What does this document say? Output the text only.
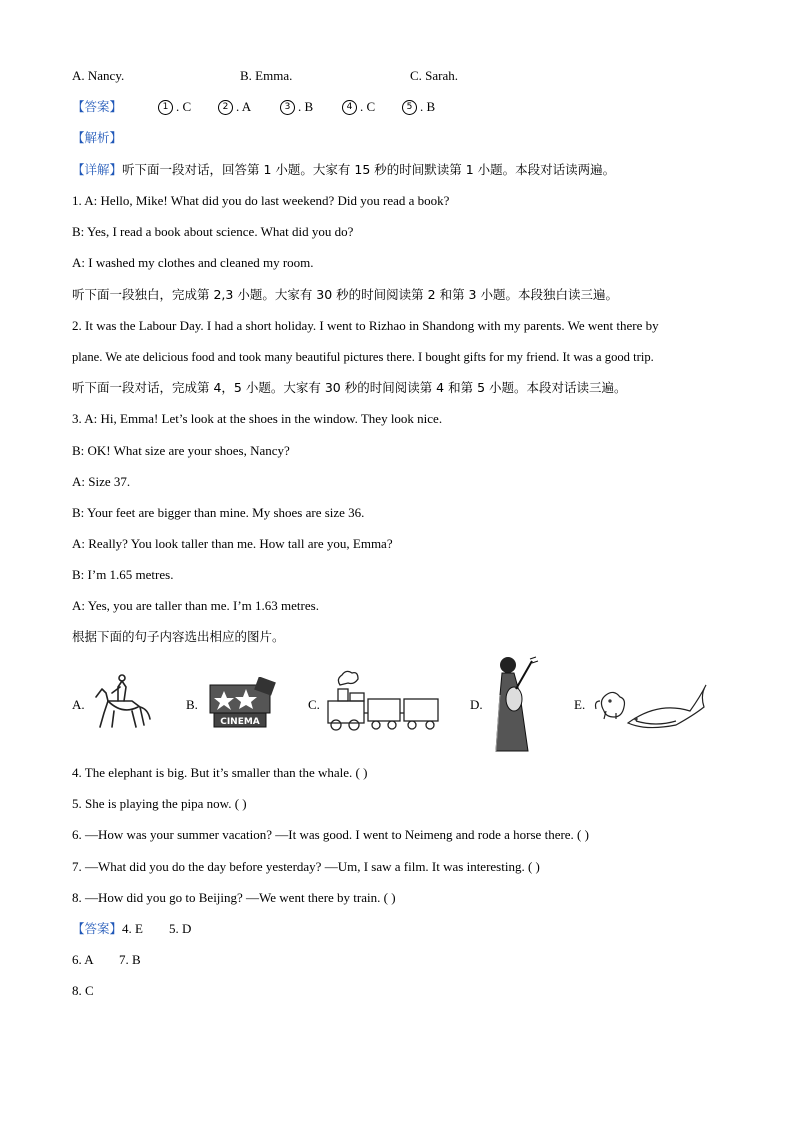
A. Nancy.	B. Emma.	C. Sarah.
【答案】	1 . C	2 . A	3 . B	4 . C	5 . B
【解析】
【详解】听下面一段对话，回答第 1 小题。大家有 15 秒的时间默读第 1 小题。本段对话读两遍。
1. A: Hello, Mike! What did you do last weekend? Did you read a book?
B: Yes, I read a book about science. What did you do?
A: I washed my clothes and cleaned my room.
听下面一段独白，完成第 2,3 小题。大家有 30 秒的时间阅读第 2 和第 3 小题。本段独白读三遍。
2. It was the Labour Day. I had a short holiday. I went to Rizhao in Shandong with my parents. We went there by
plane. We ate delicious food and took many beautiful pictures there. I bought gifts for my friend. It was a good trip.
听下面一段对话，完成第 4，5 小题。大家有 30 秒的时间阅读第 4 和第 5 小题。本段对话读三遍。
3. A: Hi, Emma! Let’s look at the shoes in the window. They look nice.
B: OK! What size are your shoes, Nancy?
A: Size 37.
B: Your feet are bigger than mine. My shoes are size 36.
A: Really? You look taller than me. How tall are you, Emma?
B: I’m 1.65 metres.
A: Yes, you are taller than me. I’m 1.63 metres.
根据下面的句子内容选出相应的图片。
A.	B.
CINEMA
C.	D.	E.
4. The elephant is big. But it’s smaller than the whale. ( )
5. She is playing the pipa now. ( )
6. —How was your summer vacation? —It was good. I went to Neimeng and rode a horse there. ( )
7. —What did you do the day before yesterday? —Um, I saw a film. It was interesting. ( )
8. —How did you go to Beijing? —We went there by train. ( )
【答案】4. E        5. D
6. A        7. B
8. C
